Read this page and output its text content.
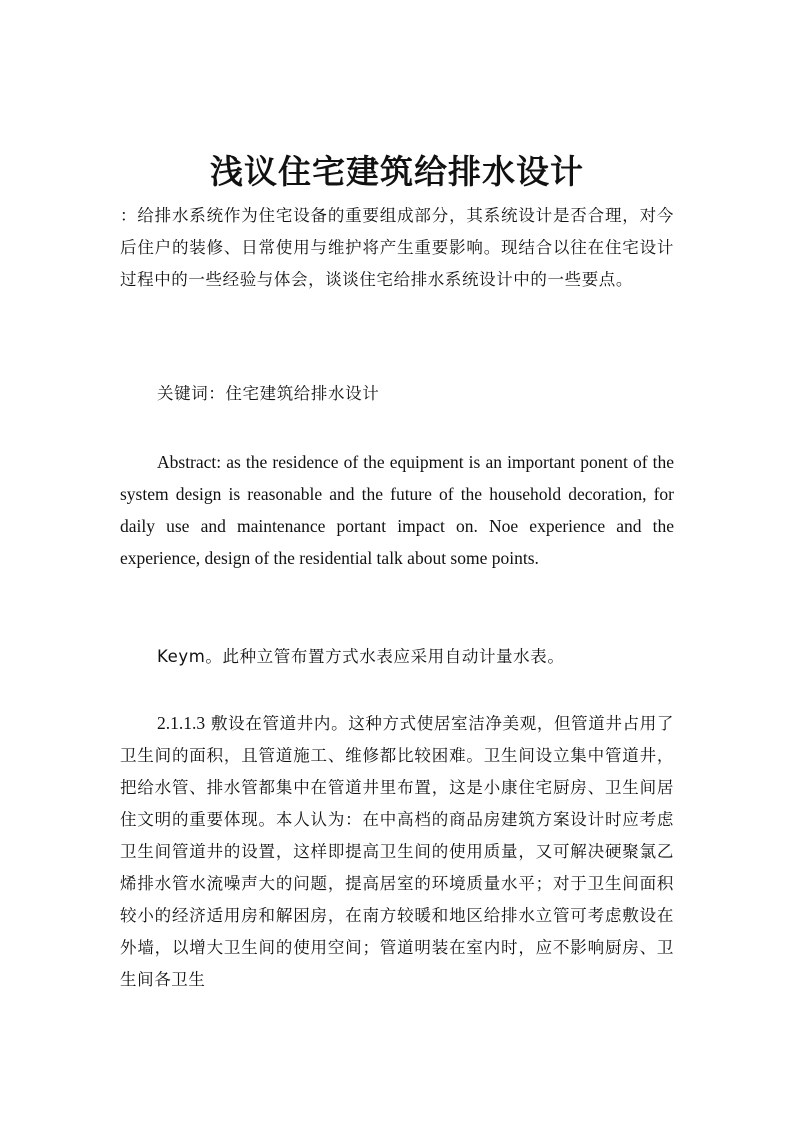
浅议住宅建筑给排水设计

：给排水系统作为住宅设备的重要组成部分，其系统设计是否合理，对今后住户的装修、日常使用与维护将产生重要影响。现结合以往在住宅设计过程中的一些经验与体会，谈谈住宅给排水系统设计中的一些要点。

关键词：住宅建筑给排水设计

Abstract: as the residence of the equipment is an important ponent of the system design is reasonable and the future of the household decoration, for daily use and maintenance portant impact on. Noe experience and the experience, design of the residential talk about some points.

Keym。此种立管布置方式水表应采用自动计量水表。

2.1.1.3 敷设在管道井内。这种方式使居室洁净美观，但管道井占用了卫生间的面积，且管道施工、维修都比较困难。卫生间设立集中管道井，把给水管、排水管都集中在管道井里布置，这是小康住宅厨房、卫生间居住文明的重要体现。本人认为：在中高档的商品房建筑方案设计时应考虑卫生间管道井的设置，这样即提高卫生间的使用质量，又可解决硬聚氯乙烯排水管水流噪声大的问题，提高居室的环境质量水平；对于卫生间面积较小的经济适用房和解困房，在南方较暖和地区给排水立管可考虑敷设在外墙，以增大卫生间的使用空间；管道明装在室内时，应不影响厨房、卫生间各卫生
